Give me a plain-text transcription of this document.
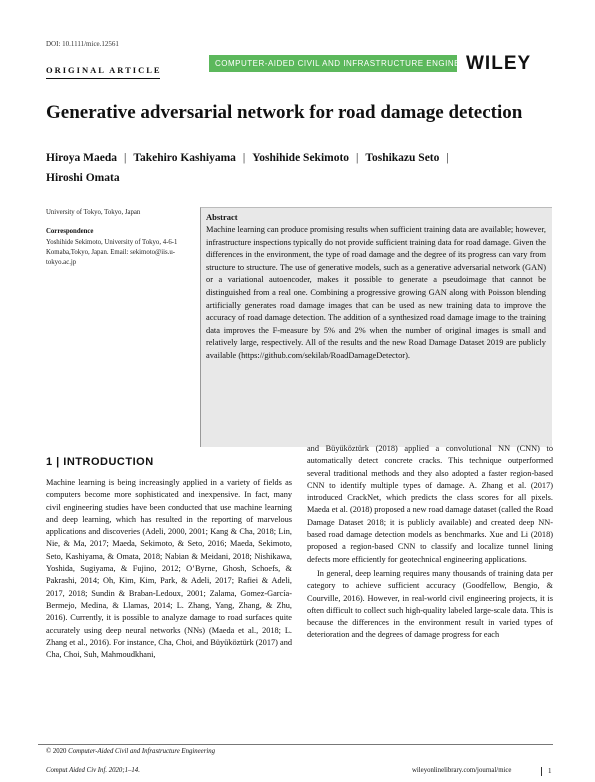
DOI: 10.1111/mice.12561
ORIGINAL ARTICLE
COMPUTER-AIDED CIVIL AND INFRASTRUCTURE ENGINEERING
WILEY
Generative adversarial network for road damage detection
Hiroya Maeda | Takehiro Kashiyama | Yoshihide Sekimoto | Toshikazu Seto |
Hiroshi Omata
University of Tokyo, Tokyo, Japan
Correspondence
Yoshihide Sekimoto, University of Tokyo, 4-6-1 Komaba,Tokyo, Japan. Email: sekimoto@iis.u-tokyo.ac.jp
Abstract
Machine learning can produce promising results when sufficient training data are available; however, infrastructure inspections typically do not provide sufficient training data for road damage. Given the differences in the environment, the type of road damage and the degree of its progress can vary from structure to structure. The use of generative models, such as a generative adversarial network (GAN) or a variational autoencoder, makes it possible to generate a pseudoimage that cannot be distinguished from a real one. Combining a progressive growing GAN along with Poisson blending artificially generates road damage images that can be used as new training data to improve the accuracy of road damage detection. The addition of a synthesized road damage image to the training data improves the F-measure by 5% and 2% when the number of original images is small and relatively large, respectively. All of the results and the new Road Damage Dataset 2019 are publicly available (https://github.com/sekilab/RoadDamageDetector).
1 | INTRODUCTION

Machine learning is being increasingly applied in a variety of fields as computers become more sophisticated and inexpensive. In fact, many civil engineering studies have been conducted that use machine learning and deep learning, which has resulted in the reporting of marvelous applications and discoveries (Adeli, 2000, 2001; Kang & Cha, 2018; Lin, Nie, & Ma, 2017; Maeda, Sekimoto, & Seto, 2016; Maeda, Sekimoto, Seto, Kashiyama, & Omata, 2018; Nabian & Meidani, 2018; Nishikawa, Yoshida, Sugiyama, & Fujino, 2012; O’Byrne, Ghosh, Schoefs, & Pakrashi, 2014; Oh, Kim, Kim, Park, & Adeli, 2017; Rafiei & Adeli, 2017, 2018; Sundin & Braban-Ledoux, 2001; Zalama, Gomez-García-Bermejo, Medina, & Llamas, 2014; L. Zhang, Yang, Zhang, & Zhu, 2016). Currently, it is possible to analyze damage to road surfaces quite accurately using deep neural networks (NNs) (Maeda et al., 2018; L. Zhang et al., 2016). For instance, Cha, Choi, and Büyüköztürk (2017) and Cha, Choi, Suh, Mahmoudkhani,

and Büyüköztürk (2018) applied a convolutional NN (CNN) to automatically detect concrete cracks. This technique outperformed several traditional methods and they also adopted a faster region-based CNN to identify multiple types of damage. A. Zhang et al. (2017) introduced CrackNet, which predicts the class scores for all pixels. Maeda et al. (2018) proposed a new road damage dataset (called the Road Damage Dataset 2018; it is publicly available) and created deep NN-based road damage detection models as benchmarks. Xue and Li (2018) proposed a region-based CNN to classify and localize tunnel lining defects more efficiently for geotechnical engineering applications.

In general, deep learning requires many thousands of training data per category to achieve sufficient accuracy (Goodfellow, Bengio, & Courville, 2016). However, in real-world civil engineering projects, it is often difficult to collect such high-quality labeled large-scale data. This is because the differences in the environment result in varied types of deterioration and the degrees of damage progress for each

© 2020 Computer-Aided Civil and Infrastructure Engineering
Comput Aided Civ Inf. 2020;1–14.	wileyonlinelibrary.com/journal/mice	1
